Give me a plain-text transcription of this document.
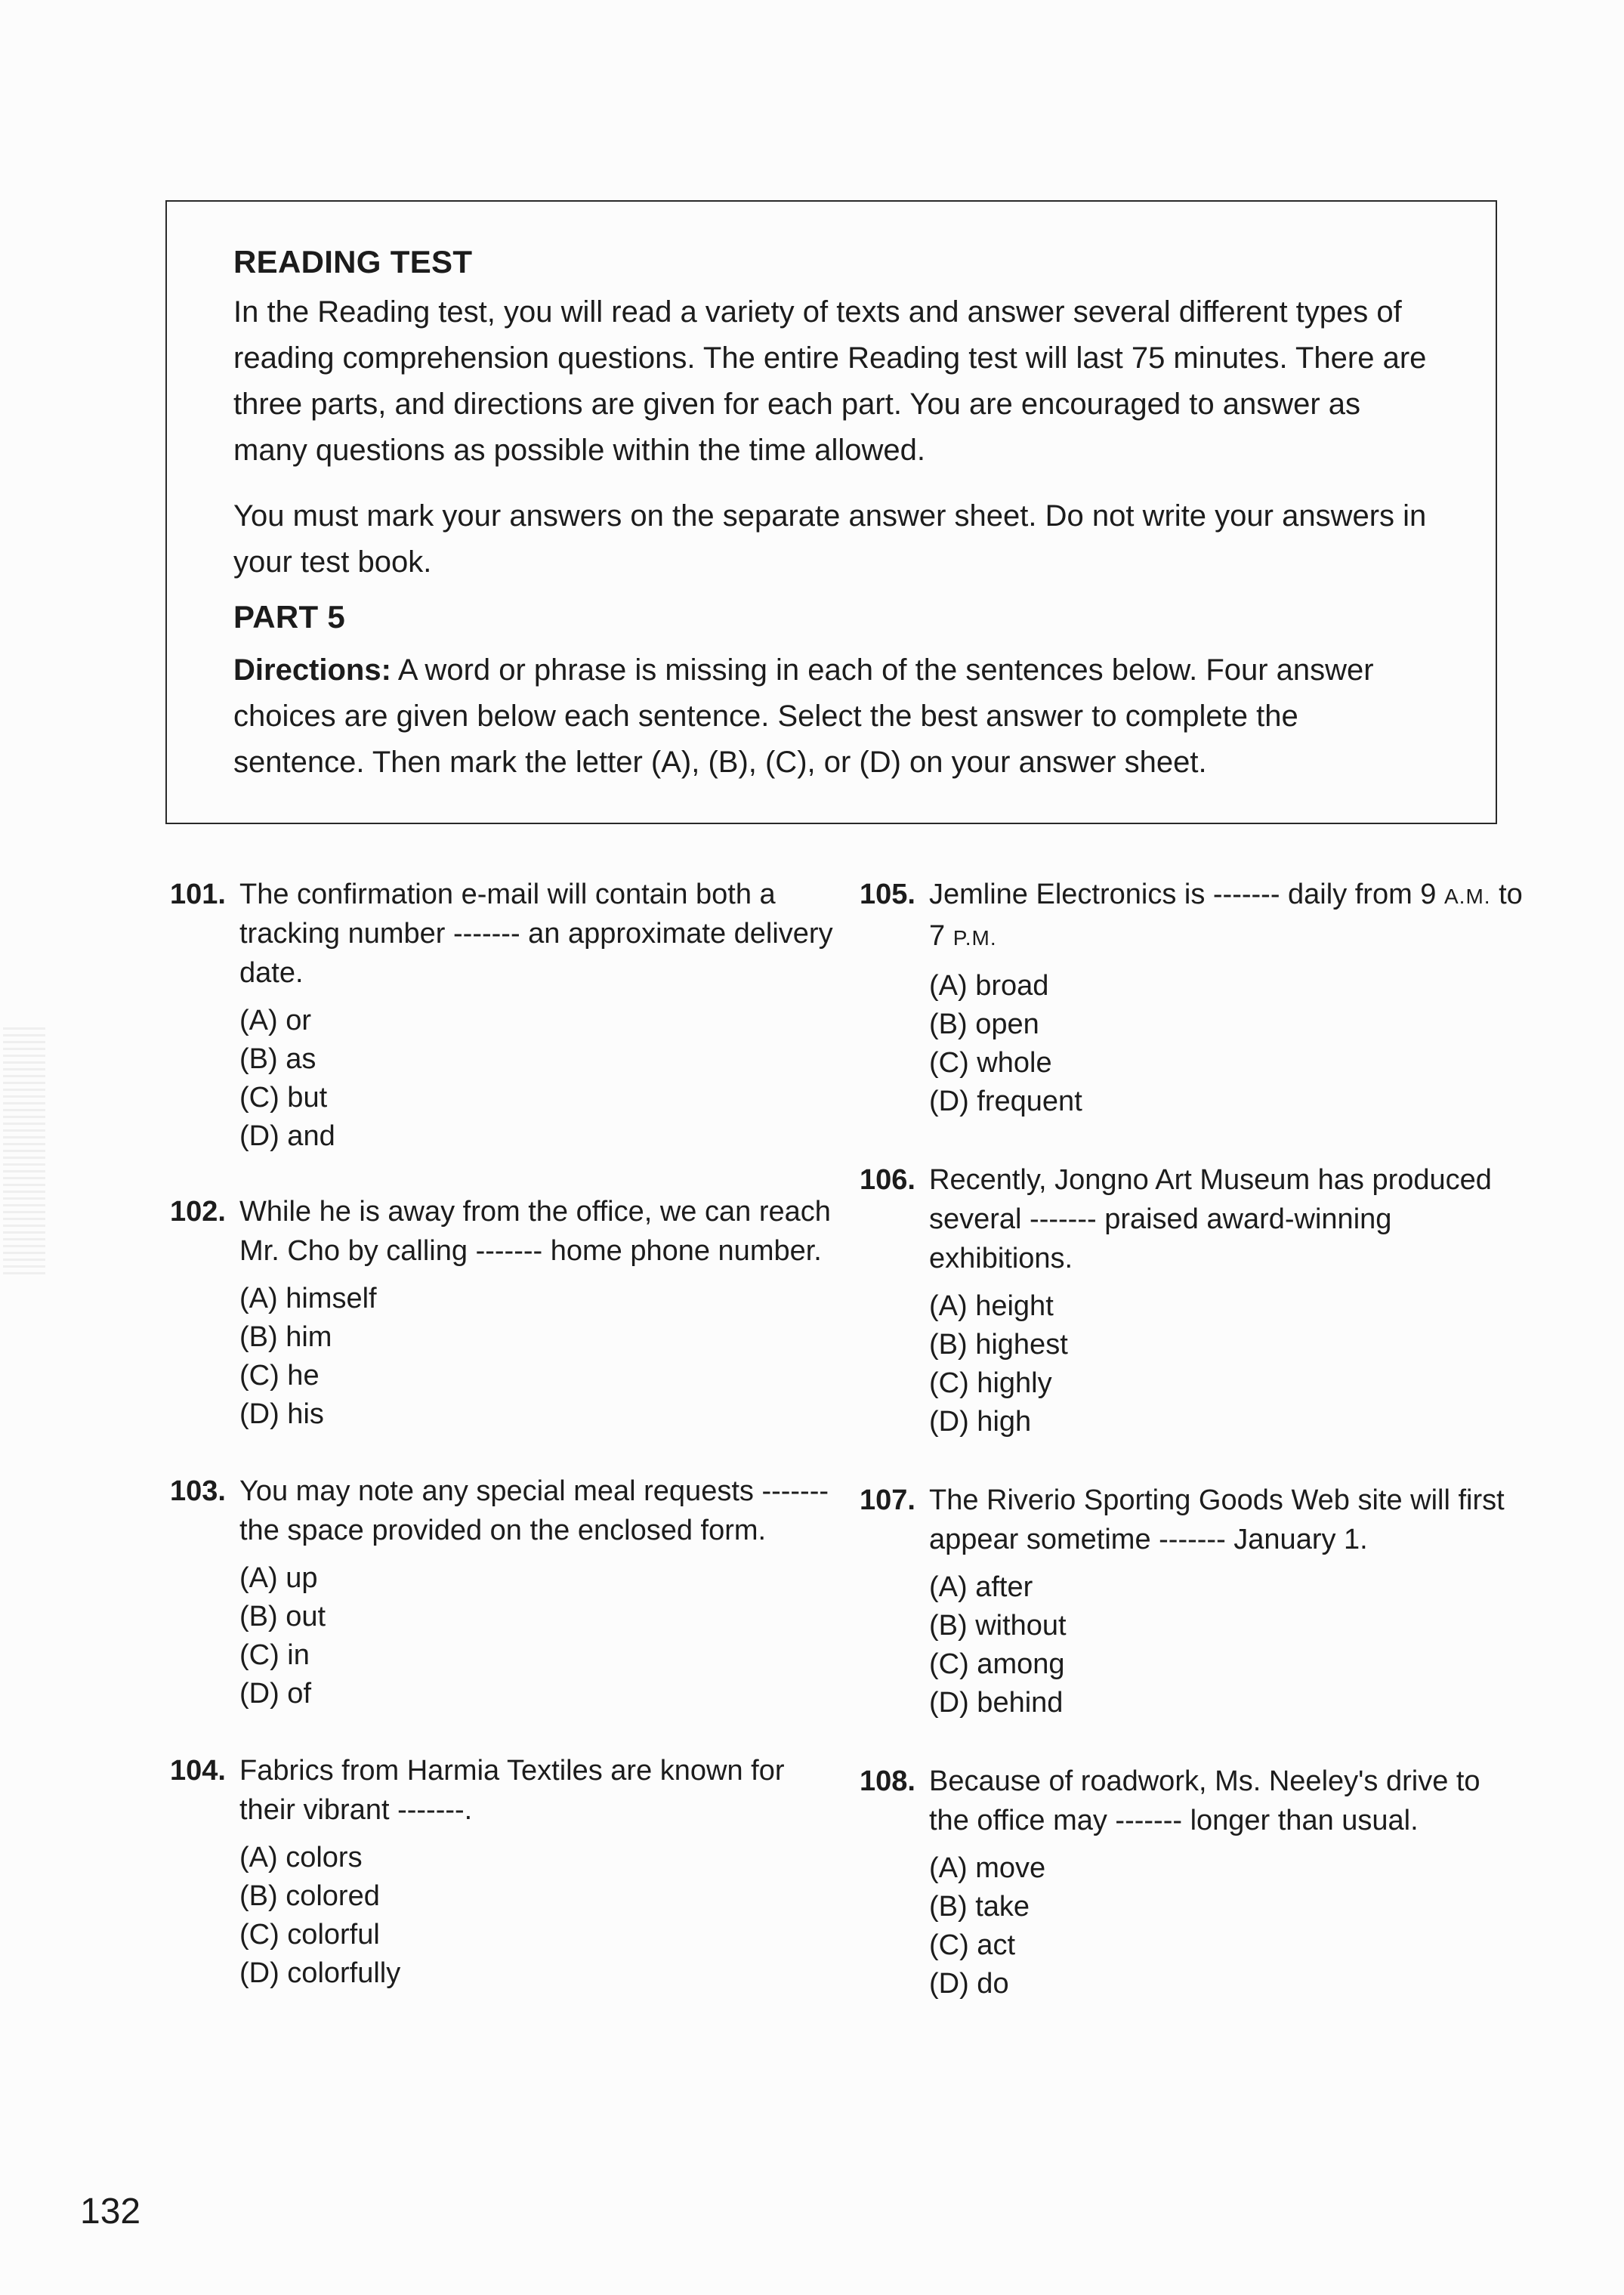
READING TEST

In the Reading test, you will read a variety of texts and answer several different types of reading comprehension questions. The entire Reading test will last 75 minutes. There are three parts, and directions are given for each part. You are encouraged to answer as many questions as possible within the time allowed.

You must mark your answers on the separate answer sheet. Do not write your answers in your test book.

PART 5

Directions: A word or phrase is missing in each of the sentences below. Four answer choices are given below each sentence. Select the best answer to complete the sentence. Then mark the letter (A), (B), (C), or (D) on your answer sheet.

101. The confirmation e-mail will contain both a tracking number ------- an approximate delivery date.
(A) or
(B) as
(C) but
(D) and
102. While he is away from the office, we can reach Mr. Cho by calling ------- home phone number.
(A) himself
(B) him
(C) he
(D) his
103. You may note any special meal requests ------- the space provided on the enclosed form.
(A) up
(B) out
(C) in
(D) of
104. Fabrics from Harmia Textiles are known for their vibrant -------.
(A) colors
(B) colored
(C) colorful
(D) colorfully
105. Jemline Electronics is ------- daily from 9 A.M. to 7 P.M.
(A) broad
(B) open
(C) whole
(D) frequent
106. Recently, Jongno Art Museum has produced several ------- praised award-winning exhibitions.
(A) height
(B) highest
(C) highly
(D) high
107. The Riverio Sporting Goods Web site will first appear sometime ------- January 1.
(A) after
(B) without
(C) among
(D) behind
108. Because of roadwork, Ms. Neeley's drive to the office may ------- longer than usual.
(A) move
(B) take
(C) act
(D) do
132
